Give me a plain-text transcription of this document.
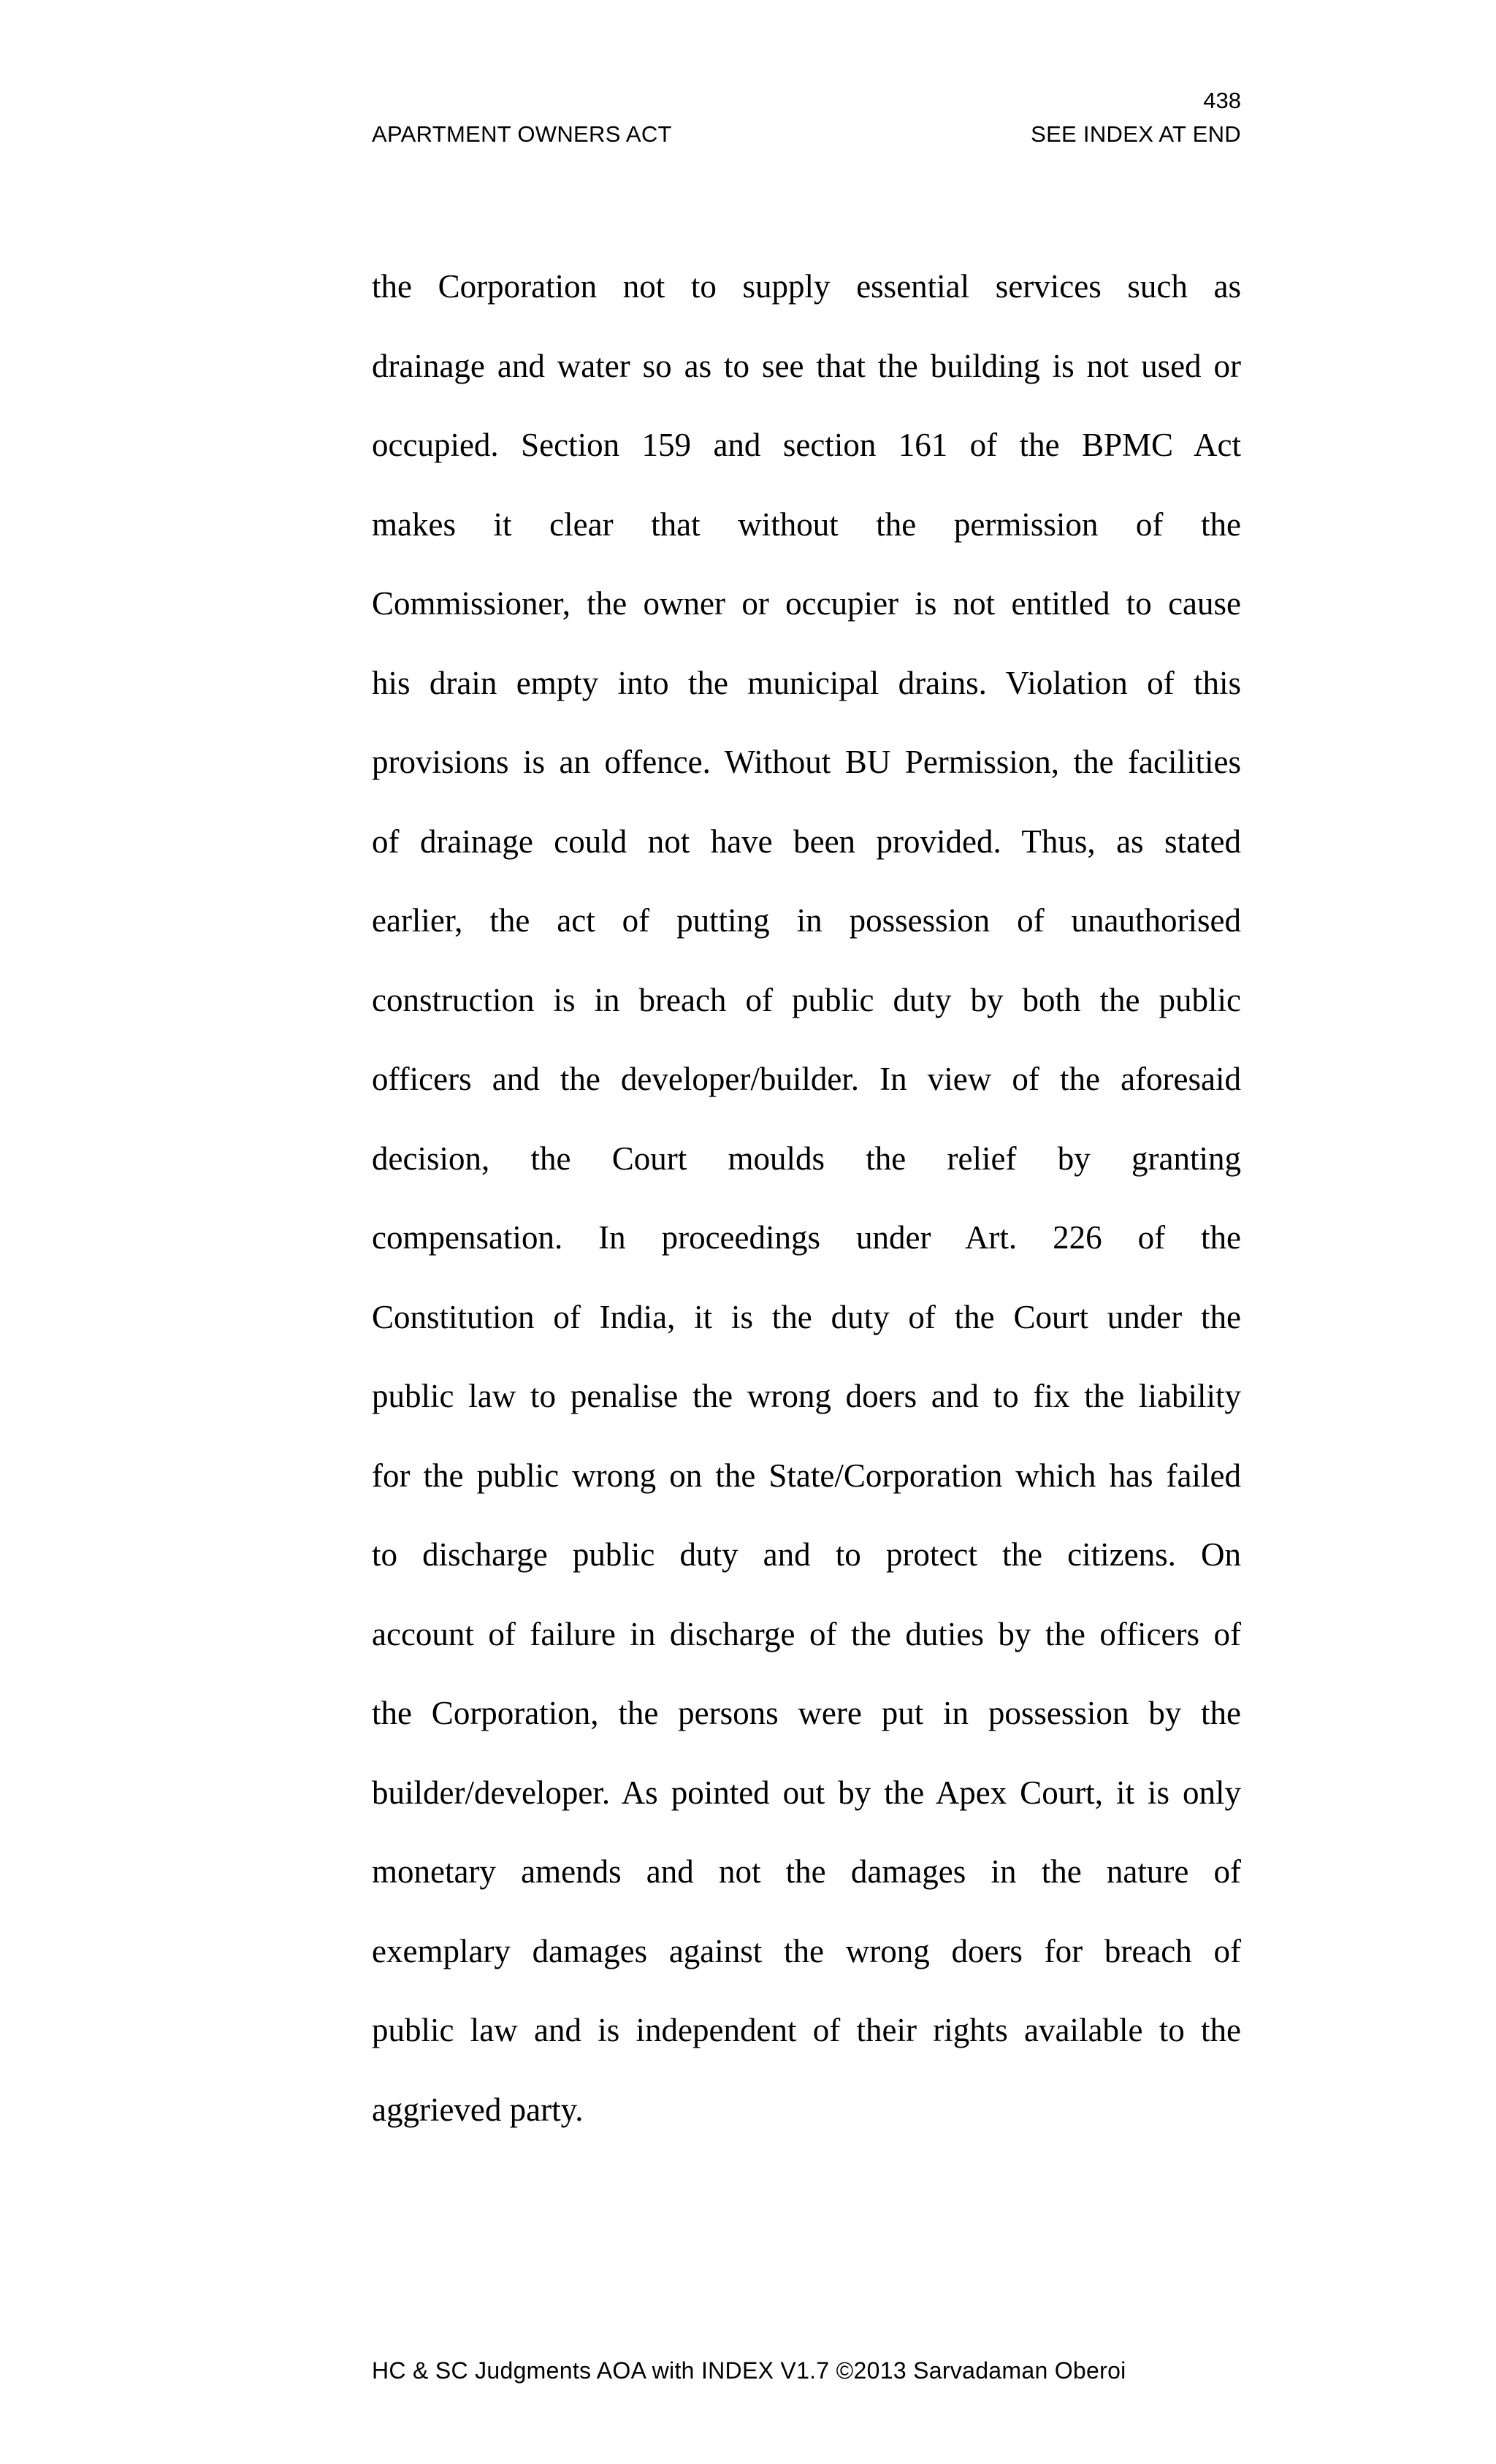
438
APARTMENT OWNERS ACT	SEE INDEX AT END
the Corporation not to supply essential services such as
drainage and water so as to see that the building is not used or
occupied. Section 159 and section 161 of the BPMC Act
makes it clear that without the permission of the
Commissioner, the owner or occupier is not entitled to cause
his drain empty into the municipal drains. Violation of this
provisions is an offence. Without BU Permission, the facilities
of drainage could not have been provided. Thus, as stated
earlier, the act of putting in possession of unauthorised
construction is in breach of public duty by both the public
officers and the developer/builder. In view of the aforesaid
decision, the Court moulds the relief by granting
compensation. In proceedings under Art. 226 of the
Constitution of India, it is the duty of the Court under the
public law to penalise the wrong doers and to fix the liability
for the public wrong on the State/Corporation which has failed
to discharge public duty and to protect the citizens. On
account of failure in discharge of the duties by the officers of
the Corporation, the persons were put in possession by the
builder/developer. As pointed out by the Apex Court, it is only
monetary amends and not the damages in the nature of
exemplary damages against the wrong doers for breach of
public law and is independent of their rights available to the
aggrieved party.
HC & SC Judgments AOA with INDEX V1.7 ©2013 Sarvadaman Oberoi
